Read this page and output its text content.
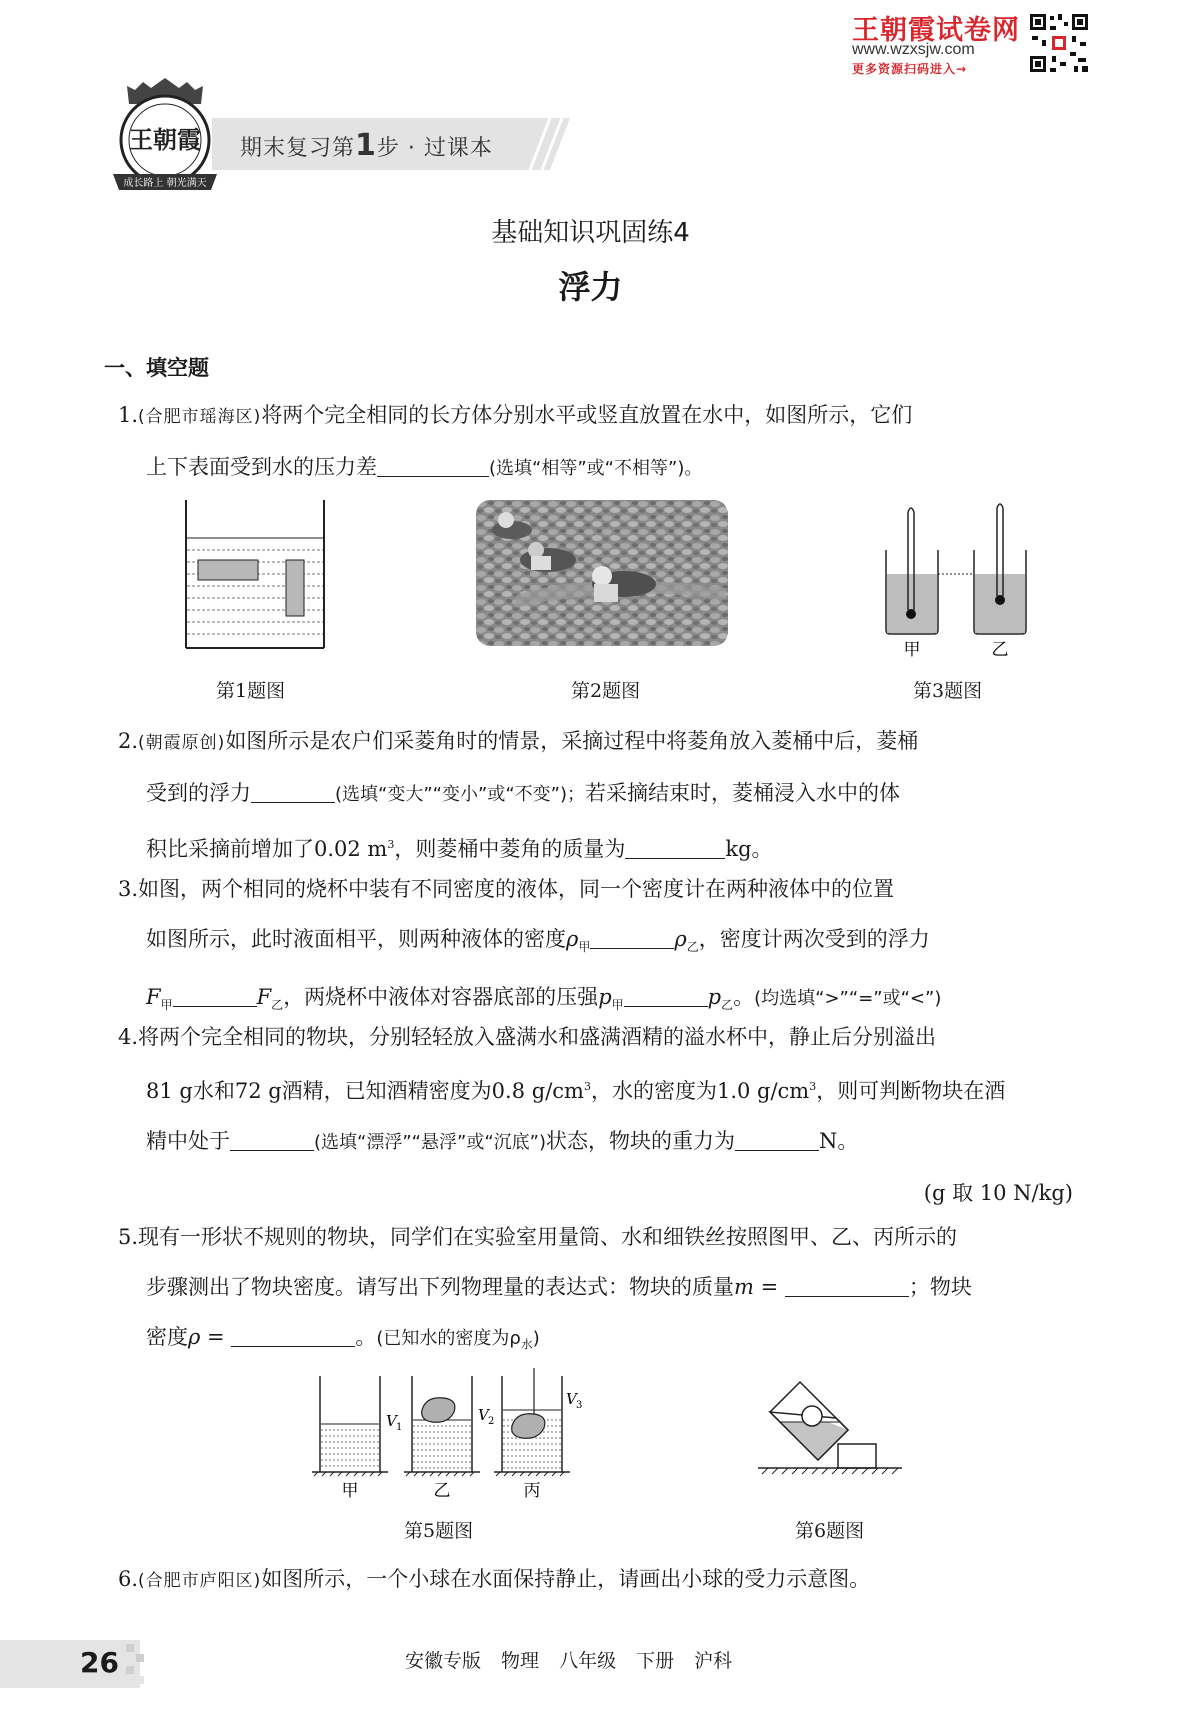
王朝霞试卷网
www.wzxsjw.com
更多资源扫码进入→
期末复习第1步 · 过课本
王朝霞
成长路上 朝光满天
基础知识巩固练4
浮力
一、填空题

1.(合肥市瑶海区)将两个完全相同的长方体分别水平或竖直放置在水中，如图所示，它们

上下表面受到水的压力差	(选填“相等”或“不相等”)。

第1题图	第2题图
甲	乙
第3题图

2.(朝霞原创)如图所示是农户们采菱角时的情景，采摘过程中将菱角放入菱桶中后，菱桶

受到的浮力	(选填“变大”“变小”或“不变”)；若采摘结束时，菱桶浸入水中的体

积比采摘前增加了0.02 $m^3$，则菱桶中菱角的质量为	kg。

3.如图，两个相同的烧杯中装有不同密度的液体，同一个密度计在两种液体中的位置

如图所示，此时液面相平，则两种液体的密度$\rho_甲$	$\rho_乙$，密度计两次受到的浮力

$F_甲$	$F_乙$，两烧杯中液体对容器底部的压强$p_甲$	$p_乙$。(均选填“>”“=”或“<”)

4.将两个完全相同的物块，分别轻轻放入盛满水和盛满酒精的溢水杯中，静止后分别溢出

81 g水和72 g酒精，已知酒精密度为0.8 $g/cm^3$，水的密度为1.0 $g/cm^3$，则可判断物块在酒

精中处于	(选填“漂浮”“悬浮”或“沉底”)状态，物块的重力为	N。

(g 取 10 N/kg)

5.现有一形状不规则的物块，同学们在实验室用量筒、水和细铁丝按照图甲、乙、丙所示的

步骤测出了物块密度。请写出下列物理量的表达式：物块的质量m =	；物块

密度ρ =	。(已知水的密度为$\rho_水$)

V 1
甲
V 2
乙
V 3
丙
第5题图	第6题图

6.(合肥市庐阳区)如图所示，一个小球在水面保持静止，请画出小球的受力示意图。

26	安徽专版 物理 八年级 下册 沪科
